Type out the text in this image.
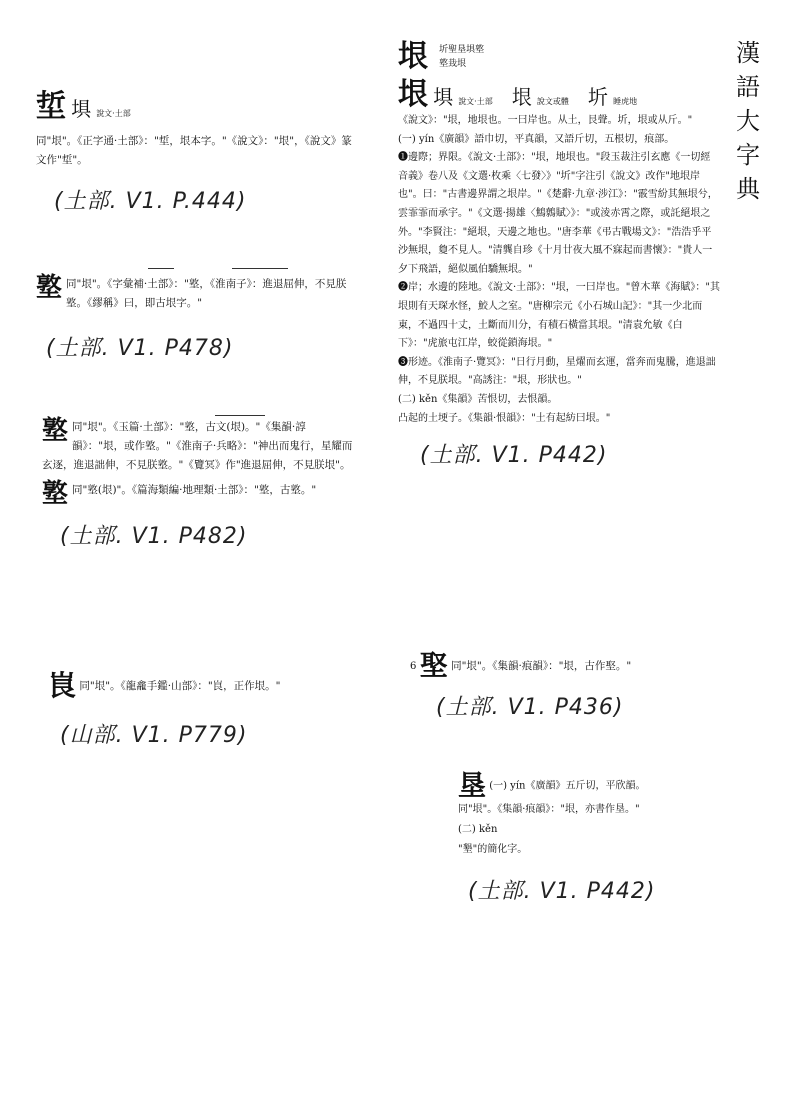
漢
語
大
字
典
埑 埧 說文·土部
同"垠"。《正字通·土部》："埑，垠本字。"《說文》："垠"，《說文》篆文作"埑"。
(土部. V1. P.444)
墪 同"垠"。《字彙補·土部》："墪，《淮南子》：進退屈伸，不見朕墪。《繆稱》曰，即古垠字。"
(土部. V1. P478)
墪 同"垠"。《玉篇·土部》："墪，古文(垠)。"《集韻·諄韻》："垠，或作墪。"《淮南子·兵略》："神出而鬼行，星耀而玄逐，進退詘伸，不見朕墪。"《覽冥》作"進退屈伸，不見朕垠"。
墪 同"墪(垠)"。《篇海類編·地理類·土部》："墪，古墪。"
(土部. V1. P482)
峎 同"垠"。《龍龕手鑑·山部》："峎，正作垠。"
(山部. V1. P779)
垠 圻聖垦埧墪
墪㘽垠
垠 埧 說文·土部 垠 說文或體 圻 睡虎地
《說文》："垠，地垠也。一曰岸也。从土，艮聲。圻，垠或从斤。"
(一) yín《廣韻》語巾切，平真韻，又語斤切，五根切，痕部。
❶邊際；界限。《說文·土部》："垠，地垠也。"段玉裁注引玄應《一切經音義》卷八及《文選·枚乘〈七發〉》"圻"字注引《說文》改作"地垠岸也"。曰："古書邊界謂之垠岸。"《楚辭·九章·涉江》："霰雪紛其無垠兮，雲霏霏而承宇。"《文選·揚雄〈鷦鷯賦〉》："或淩赤霄之際，或託絕垠之外。"李賢注："絕垠，天邊之地也。"唐李華《弔古戰場文》："浩浩乎平沙無垠，敻不見人。"清龔自珍《十月廿夜大風不寐起而書懷》："貴人一夕下飛語，絕似風伯驕無垠。"
❷岸；水邊的陸地。《說文·土部》："垠，一曰岸也。"曾木華《海賦》："其垠則有天琛水怪，鮫人之室。"唐柳宗元《小石城山記》："其一少北而東，不過四十丈，土斷而川分，有積石橫當其垠。"清袁允敏《白下》："虎旅屯江岸，蛟從鎖海垠。"
❸形迹。《淮南子·覽冥》："日行月動，星燿而玄運，當奔而鬼騰，進退詘伸，不見朕垠。"高誘注："垠，形狀也。"
(二) kěn《集韻》苦恨切，去恨韻。
凸起的土埂子。《集韻·恨韻》："土有起紡曰垠。"
(土部. V1. P442)
6 埾 同"垠"。《集韻·痕韻》："垠，古作埾。"
(土部. V1. P436)
垦 (一) yín《廣韻》五斤切，平欣韻。
同"垠"。《集韻·痕韻》："垠，亦書作垦。"
(二) kěn
"墾"的簡化字。
(土部. V1. P442)
